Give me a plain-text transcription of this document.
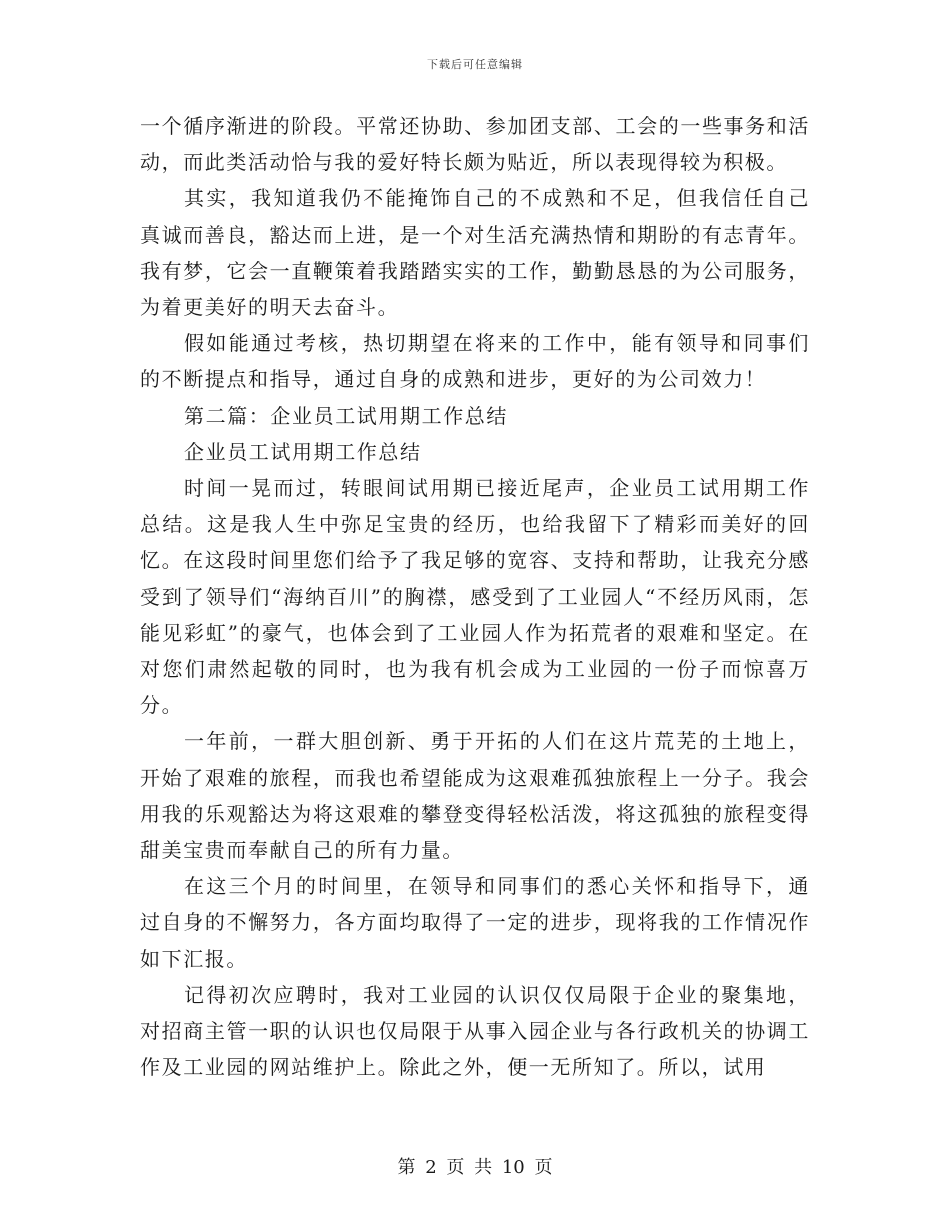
下载后可任意编辑

一个循序渐进的阶段。平常还协助、参加团支部、工会的一些事务和活动，而此类活动恰与我的爱好特长颇为贴近，所以表现得较为积极。

其实，我知道我仍不能掩饰自己的不成熟和不足，但我信任自己真诚而善良，豁达而上进，是一个对生活充满热情和期盼的有志青年。我有梦，它会一直鞭策着我踏踏实实的工作，勤勤恳恳的为公司服务，为着更美好的明天去奋斗。

假如能通过考核，热切期望在将来的工作中，能有领导和同事们的不断提点和指导，通过自身的成熟和进步，更好的为公司效力！

第二篇：企业员工试用期工作总结

企业员工试用期工作总结

时间一晃而过，转眼间试用期已接近尾声，企业员工试用期工作总结。这是我人生中弥足宝贵的经历，也给我留下了精彩而美好的回忆。在这段时间里您们给予了我足够的宽容、支持和帮助，让我充分感受到了领导们“海纳百川”的胸襟，感受到了工业园人“不经历风雨，怎能见彩虹”的豪气，也体会到了工业园人作为拓荒者的艰难和坚定。在对您们肃然起敬的同时，也为我有机会成为工业园的一份子而惊喜万分。

一年前，一群大胆创新、勇于开拓的人们在这片荒芜的土地上，开始了艰难的旅程，而我也希望能成为这艰难孤独旅程上一分子。我会用我的乐观豁达为将这艰难的攀登变得轻松活泼，将这孤独的旅程变得甜美宝贵而奉献自己的所有力量。

在这三个月的时间里，在领导和同事们的悉心关怀和指导下，通过自身的不懈努力，各方面均取得了一定的进步，现将我的工作情况作如下汇报。

记得初次应聘时，我对工业园的认识仅仅局限于企业的聚集地，对招商主管一职的认识也仅局限于从事入园企业与各行政机关的协调工作及工业园的网站维护上。除此之外，便一无所知了。所以，试用

第 2 页 共 10 页
